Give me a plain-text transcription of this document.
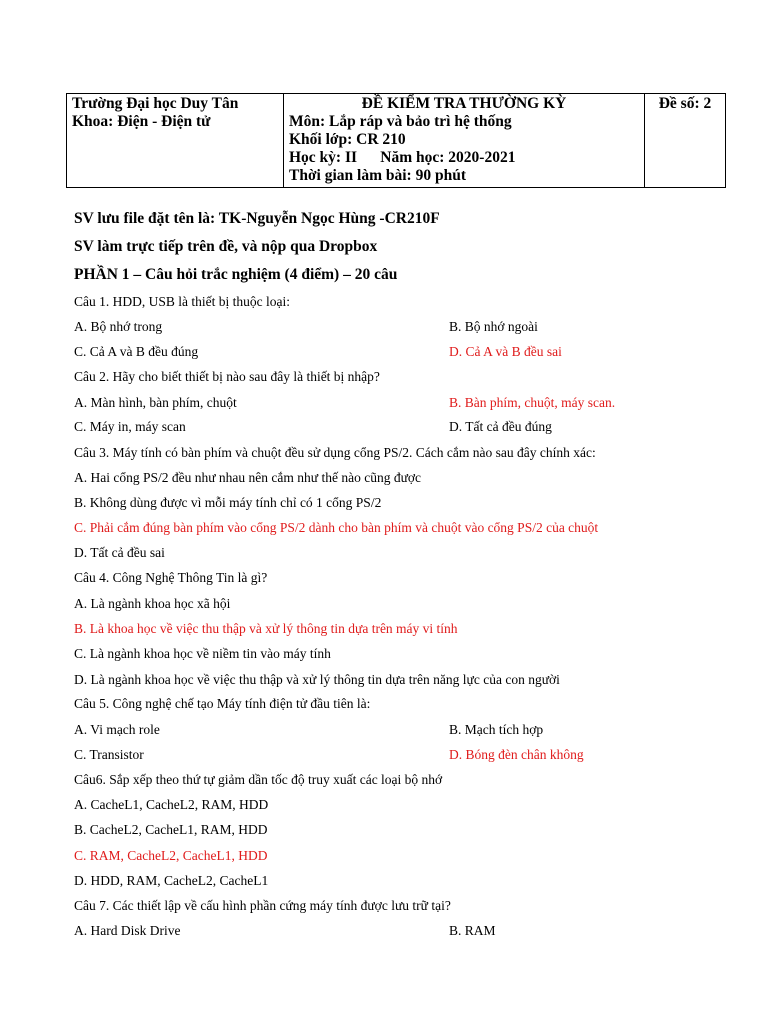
Trường Đại học Duy Tân
Khoa: Điện - Điện tử

ĐỀ KIỂM TRA THƯỜNG KỲ
Môn: Lắp ráp và bảo trì hệ thống
Khối lớp: CR 210
Học kỳ: II      Năm học: 2020-2021
Thời gian làm bài: 90 phút

Đề số: 2
SV lưu file đặt tên là: TK-Nguyễn Ngọc Hùng -CR210F
SV làm trực tiếp trên đề, và nộp qua Dropbox
PHẦN 1 – Câu hỏi trắc nghiệm (4 điểm) – 20 câu
Câu 1. HDD, USB là thiết bị thuộc loại:
A. Bộ nhớ trong	B. Bộ nhớ ngoài
C. Cả A và B đều đúng	D. Cả A và B đều sai
Câu 2. Hãy cho biết thiết bị nào sau đây là thiết bị nhập?
A. Màn hình, bàn phím, chuột	B. Bàn phím, chuột, máy scan.
C. Máy in, máy scan	D. Tất cả đều đúng
Câu 3. Máy tính có bàn phím và chuột đều sử dụng cổng PS/2. Cách cắm nào sau đây chính xác:
A. Hai cổng PS/2 đều như nhau nên cắm như thế nào cũng được
B. Không dùng được vì mỗi máy tính chỉ có 1 cổng PS/2
C. Phải cắm đúng bàn phím vào cổng PS/2 dành cho bàn phím và chuột vào cổng PS/2 của chuột
D. Tất cả đều sai
Câu 4. Công Nghệ Thông Tin là gì?
A. Là ngành khoa học xã hội
B. Là khoa học về việc thu thập và xử lý thông tin dựa trên máy vi tính
C. Là ngành khoa học về niềm tin vào máy tính
D. Là ngành khoa học về việc thu thập và xử lý thông tin dựa trên năng lực của con người
Câu 5. Công nghệ chế tạo Máy tính điện tử đầu tiên là:
A. Vi mạch role	B. Mạch tích hợp
C. Transistor	D. Bóng đèn chân không
Câu6. Sắp xếp theo thứ tự giảm dần tốc độ truy xuất các loại bộ nhớ
A. CacheL1, CacheL2, RAM, HDD
B. CacheL2, CacheL1, RAM, HDD
C. RAM, CacheL2, CacheL1, HDD
D. HDD, RAM, CacheL2, CacheL1
Câu 7. Các thiết lập về cấu hình phần cứng máy tính được lưu trữ tại?
A. Hard Disk Drive	B. RAM
